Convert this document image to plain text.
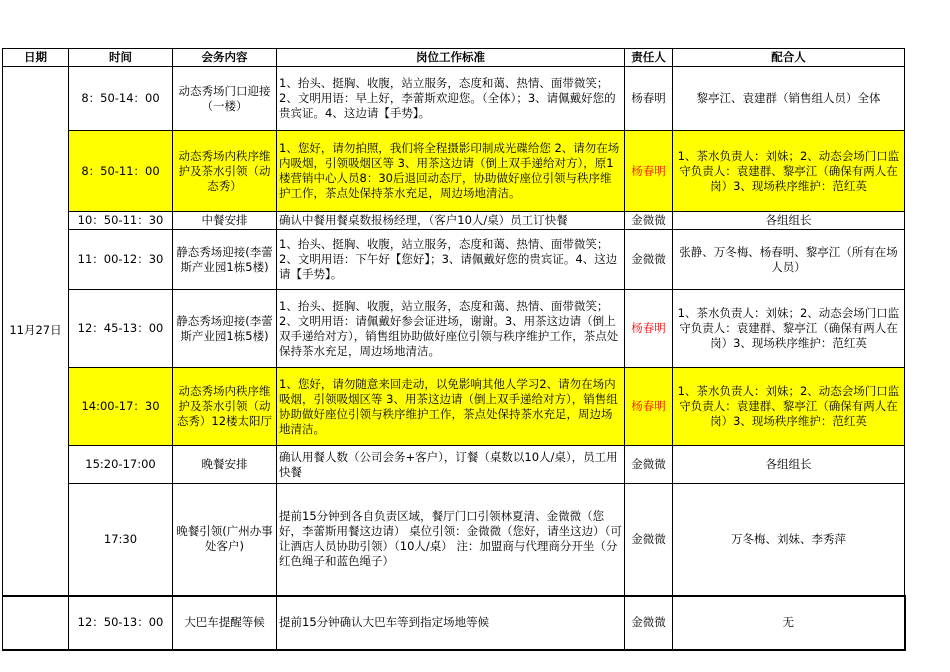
日期	时间	会务内容	岗位工作标准	责任人	配合人
11月27日	8：50-14：00	动态秀场门口迎接（一楼）	1、抬头、挺胸、收腹，站立服务，态度和蔼、热情、面带微笑；2、文明用语：早上好，李蕾斯欢迎您。（全体）；3、请佩戴好您的贵宾证。4、这边请【手势】。	杨春明	黎亭江、袁建群（销售组人员）全体
	8：50-11：00	动态秀场内秩序维护及茶水引领（动态秀）	1、您好，请勿拍照，我们将全程摄影印制成光碟给您 2、请勿在场内吸烟，引领吸烟区等 3、用茶这边请（倒上双手递给对方），原1楼营销中心人员8：30后退回动态厅，协助做好座位引领与秩序维护工作，茶点处保持茶水充足，周边场地清洁。	杨春明	1、茶水负责人：刘妹；2、动态会场门口监守负责人：袁建群、黎亭江（确保有两人在岗）3、现场秩序维护：范红英
	10：50-11：30	中餐安排	确认中餐用餐桌数报杨经理，（客户10人/桌）员工订快餐	金微微	各组组长
	11：00-12：30	静态秀场迎接(李蕾斯产业园1栋5楼)	1、抬头、挺胸、收腹，站立服务，态度和蔼、热情、面带微笑；2、文明用语：下午好【您好】；3、请佩戴好您的贵宾证。4、这边请【手势】。	金微微	张静、万冬梅、杨春明、黎亭江（所有在场人员）
	12：45-13：00	静态秀场迎接(李蕾斯产业园1栋5楼)	1、抬头、挺胸、收腹，站立服务，态度和蔼、热情、面带微笑；2、文明用语：请佩戴好参会证进场，谢谢。3、用茶这边请（倒上双手递给对方），销售组协助做好座位引领与秩序维护工作，茶点处保持茶水充足，周边场地清洁。	杨春明	1、茶水负责人：刘妹；2、动态会场门口监守负责人：袁建群、黎亭江（确保有两人在岗）3、现场秩序维护：范红英
	14:00-17：30	动态秀场内秩序维护及茶水引领（动态秀）12楼太阳厅	1、您好，请勿随意来回走动，以免影响其他人学习2、请勿在场内吸烟，引领吸烟区等 3、用茶这边请（倒上双手递给对方），销售组协助做好座位引领与秩序维护工作，茶点处保持茶水充足，周边场地清洁。	杨春明	1、茶水负责人：刘妹；2、动态会场门口监守负责人：袁建群、黎亭江（确保有两人在岗）3、现场秩序维护：范红英
	15:20-17:00	晚餐安排	确认用餐人数（公司会务+客户），订餐（桌数以10人/桌），员工用快餐	金微微	各组组长
	17:30	晚餐引领(广州办事处客户)	提前15分钟到各自负责区域，餐厅门口引领林夏清、金微微（您好，李蕾斯用餐这边请） 桌位引领：金微微（您好，请坐这边）（可让酒店人员协助引领）（10人/桌） 注：加盟商与代理商分开坐（分红色绳子和蓝色绳子）	金微微	万冬梅、刘妹、李秀萍
	12：50-13：00	大巴车提醒等候	提前15分钟确认大巴车等到指定场地等候	金微微	无
